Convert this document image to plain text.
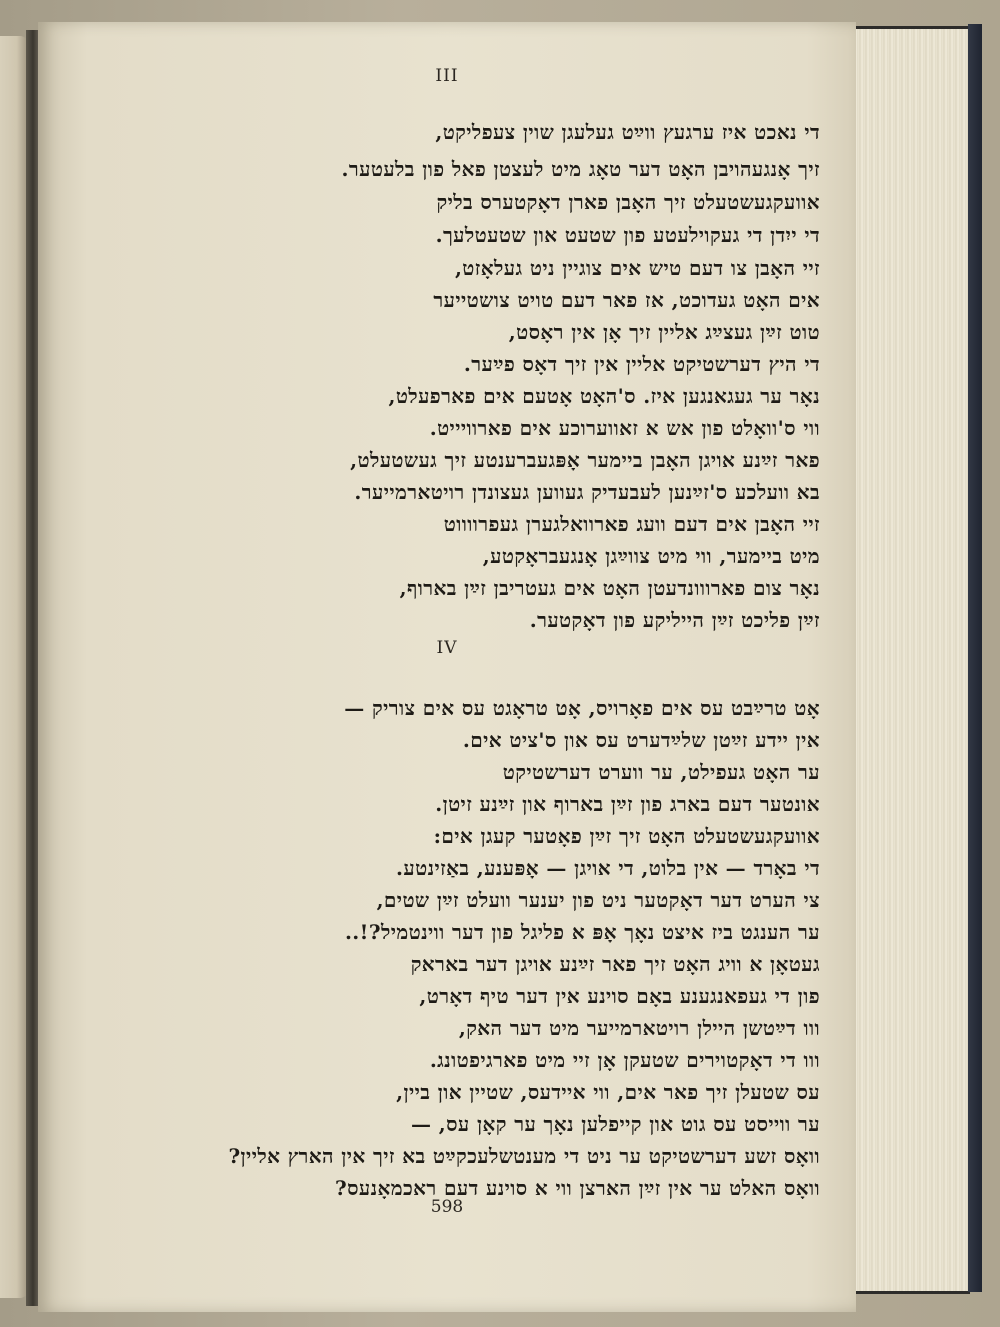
III
די נאכט איז ערגעץ ווײַט געלעגן שוין צעפליקט,
זיך אָנגעהויבן האָט דער טאָג מיט לעצטן פאל פון בלעטער.
אוועקגעשטעלט זיך האָבן פארן דאָקטערס בליק
די ייִדן די געקוילעטע פון שטעט און שטעטלעך.
זיי האָבן צו דעם טיש אים צוגיין ניט געלאָזט,
אים האָט געדוכט, אז פאר דעם טויט צושטייער
טוט זײַן געצײַג אליין זיך אָן אין ראָסט,
די היץ דערשטיקט אליין אין זיך דאָס פײַער.
נאָר ער געגאנגען איז. ס'האָט אָטעם אים פארפעלט,
ווי ס'וואָלט פון אש א זאווערוכע אים פארוויייט.
פאר זײַנע אויגן האָבן ביימער אָפּגעברענטע זיך געשטעלט,
בא וועלכע ס'זײַנען לעבעדיק געווען געצונדן רויטארמייער.
זיי האָבן אים דעם וועג פארוואלגערן געפרווווט
מיט ביימער, ווי מיט צווײַגן אָנגעבראָקטע,
נאָר צום פארווונדעטן האָט אים געטריבן זײַן בארוף,
זײַן פליכט זײַן הייליקע פון דאָקטער.
IV
אָט טרײַבט עס אים פאָרויס, אָט טראָגט עס אים צוריק —
אין יידע זײַטן שלײַדערט עס און ס'ציט אים.
ער האָט געפילט, ער ווערט דערשטיקט
אונטער דעם בארג פון זײַן בארוף און זײַנע זיטן.
אוועקגעשטעלט האָט זיך זײַן פאָטער קעגן אים:
די באָרד — אין בלוט, די אויגן — אָפּענע, באַזינטע.
צי הערט דער דאָקטער ניט פון יענער וועלט זײַן שטים,
ער הענגט ביז איצט נאָך אָפּ א פליגל פון דער ווינטמיל?!..
געטאָן א וויג האָט זיך פאר זײַנע אויגן דער באראק
פון די געפאנגענע באָם סוינע אין דער טיף דאָרט,
ווו דײַטשן היילן רויטארמייער מיט דער האק,
ווו די דאָקטוירים שטעקן אָן זיי מיט פארגיפטונג.
עס שטעלן זיך פאר אים, ווי איידעס, שטיין און ביין,
ער ווייסט עס גוט און קייפלען נאָך ער קאָן עס, —
וואָס זשע דערשטיקט ער ניט די מענטשלעכקײַט בא זיך אין הארץ אליין?
וואָס האלט ער אין זײַן הארצן ווי א סוינע דעם ראכמאָנעס?
598
